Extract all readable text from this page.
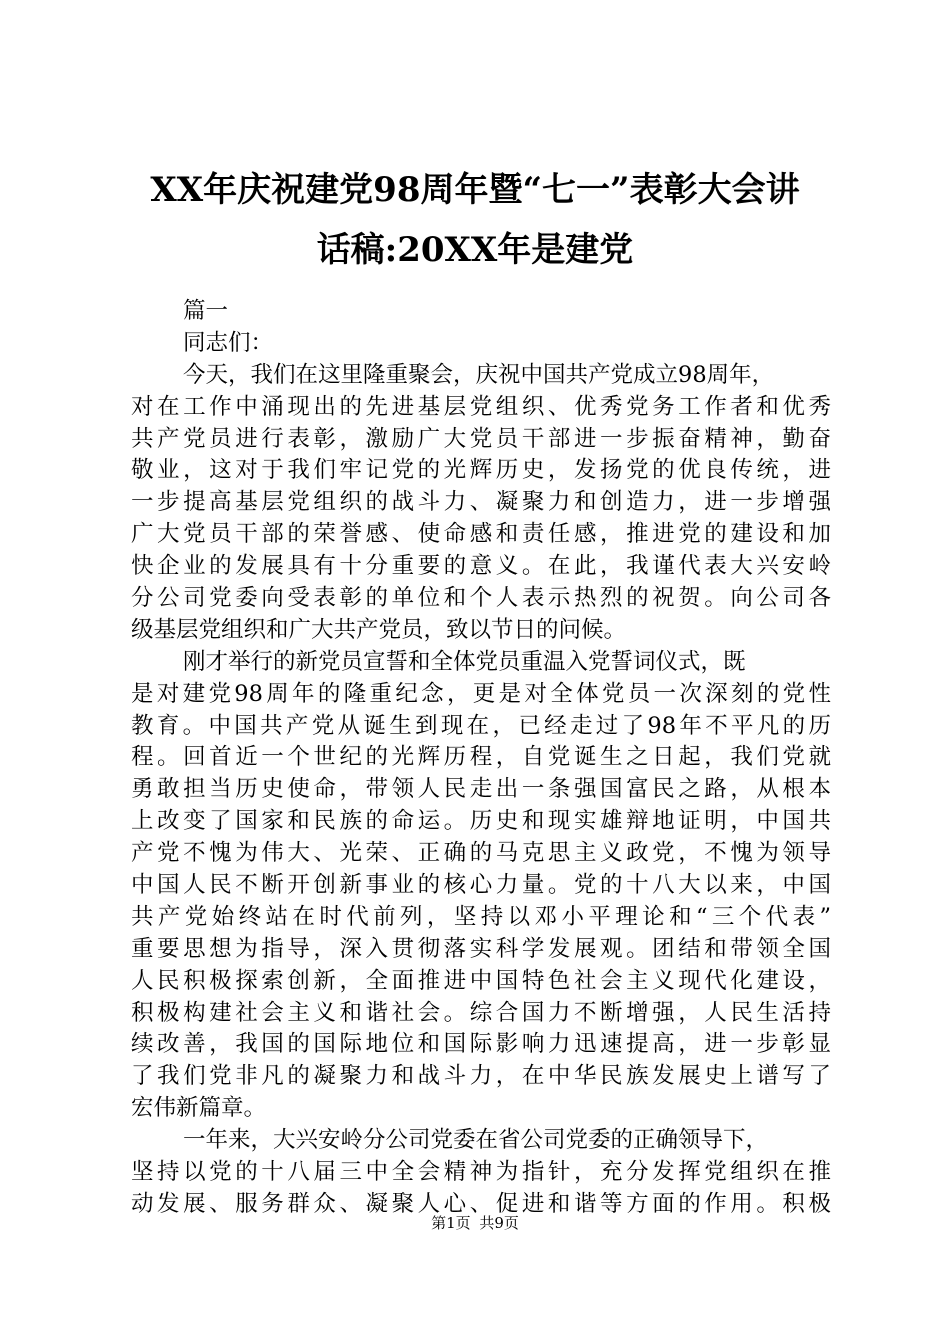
XX年庆祝建党98周年暨“七一”表彰大会讲
话稿:20XX年是建党
篇一
同志们：
今天，我们在这里隆重聚会，庆祝中国共产党成立98周年，
对在工作中涌现出的先进基层党组织、优秀党务工作者和优秀
共产党员进行表彰，激励广大党员干部进一步振奋精神，勤奋
敬业，这对于我们牢记党的光辉历史，发扬党的优良传统，进
一步提高基层党组织的战斗力、凝聚力和创造力，进一步增强
广大党员干部的荣誉感、使命感和责任感，推进党的建设和加
快企业的发展具有十分重要的意义。在此，我谨代表大兴安岭
分公司党委向受表彰的单位和个人表示热烈的祝贺。向公司各
级基层党组织和广大共产党员，致以节日的问候。
刚才举行的新党员宣誓和全体党员重温入党誓词仪式，既
是对建党98周年的隆重纪念，更是对全体党员一次深刻的党性
教育。中国共产党从诞生到现在，已经走过了98年不平凡的历
程。回首近一个世纪的光辉历程，自党诞生之日起，我们党就
勇敢担当历史使命，带领人民走出一条强国富民之路，从根本
上改变了国家和民族的命运。历史和现实雄辩地证明，中国共
产党不愧为伟大、光荣、正确的马克思主义政党，不愧为领导
中国人民不断开创新事业的核心力量。党的十八大以来，中国
共产党始终站在时代前列，坚持以邓小平理论和“三个代表”
重要思想为指导，深入贯彻落实科学发展观。团结和带领全国
人民积极探索创新，全面推进中国特色社会主义现代化建设，
积极构建社会主义和谐社会。综合国力不断增强，人民生活持
续改善，我国的国际地位和国际影响力迅速提高，进一步彰显
了我们党非凡的凝聚力和战斗力，在中华民族发展史上谱写了
宏伟新篇章。
一年来，大兴安岭分公司党委在省公司党委的正确领导下，
坚持以党的十八届三中全会精神为指针，充分发挥党组织在推
动发展、服务群众、凝聚人心、促进和谐等方面的作用。积极
第1页 共9页
